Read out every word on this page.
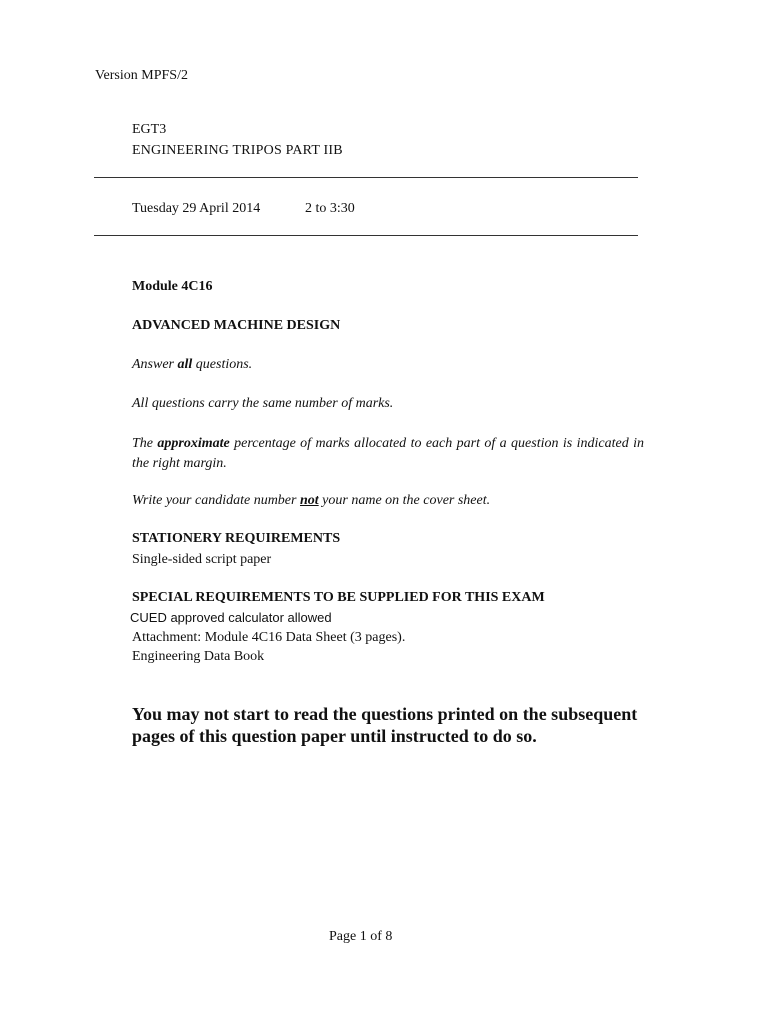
Version MPFS/2
EGT3
ENGINEERING TRIPOS PART IIB
Tuesday 29 April 2014	2 to 3:30
Module 4C16
ADVANCED MACHINE DESIGN
Answer all questions.
All questions carry the same number of marks.
The approximate percentage of marks allocated to each part of a question is indicated in the right margin.
Write your candidate number not your name on the cover sheet.
STATIONERY REQUIREMENTS
Single-sided script paper
SPECIAL REQUIREMENTS TO BE SUPPLIED FOR THIS EXAM
CUED approved calculator allowed
Attachment: Module 4C16 Data Sheet (3 pages).
Engineering Data Book
You may not start to read the questions printed on the subsequent pages of this question paper until instructed to do so.
Page 1 of 8
